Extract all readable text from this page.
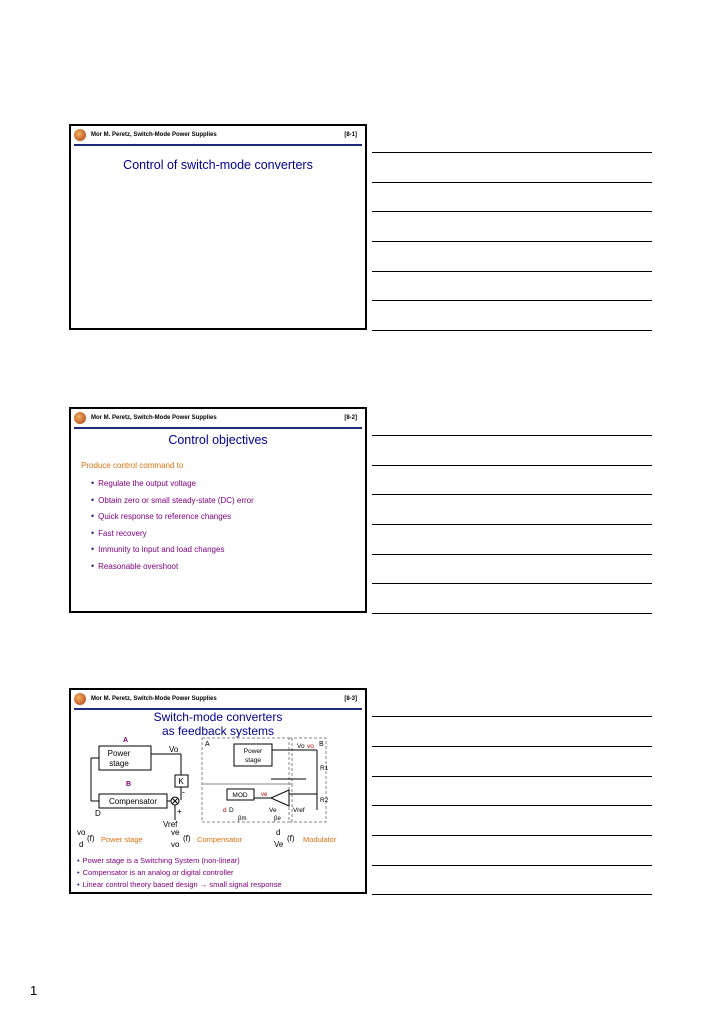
Mor M. Peretz, Switch-Mode Power Supplies	[8-1]
Control of switch-mode converters
Mor M. Peretz, Switch-Mode Power Supplies	[8-2]
Control objectives
Produce control command to
• Regulate the output voltage
• Obtain zero or small steady-state (DC) error
• Quick response to reference changes
• Fast recovery
• Immunity to input and load changes
• Reasonable overshoot
Mor M. Peretz, Switch-Mode Power Supplies	[8-3]
Switch-mode converters
as feedback systems
A
Power
stage
Vo
K
B
Compensator
-
+
D
Vref
A	B
Power
stage
Vo vo
R1
R2
MOD
d D
ve
Ve	Vref
βm	βe
vo
d
(f) Power stage
ve
vo
(f) Compensator
d
Ve
(f) Modulator
• Power stage is a Switching System (non-linear)
• Compensator is an analog or digital controller
• Linear control theory based design → small signal response
1
